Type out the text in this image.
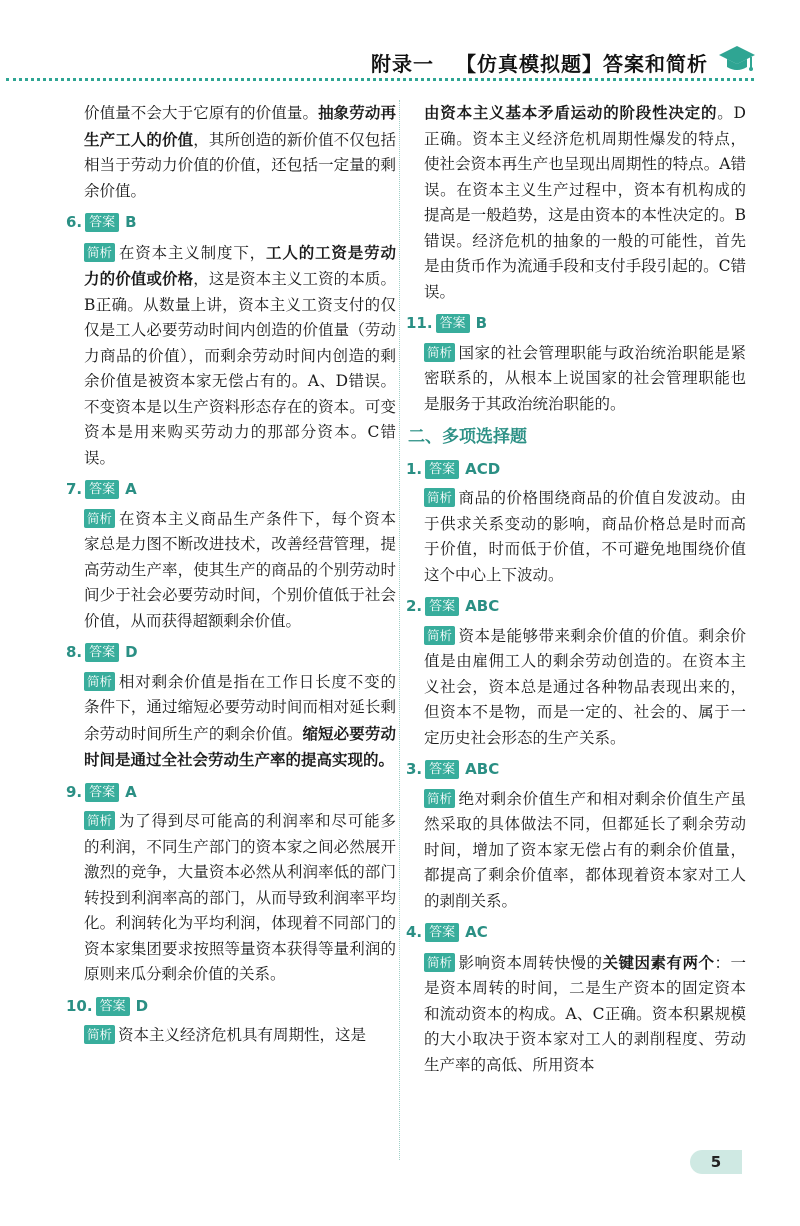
附录一 【仿真模拟题】答案和简析

价值量不会大于它原有的价值量。抽象劳动再生产工人的价值，其所创造的新价值不仅包括相当于劳动力价值的价值，还包括一定量的剩余价值。

6. 答案 B

简析 在资本主义制度下，工人的工资是劳动力的价值或价格，这是资本主义工资的本质。B正确。从数量上讲，资本主义工资支付的仅仅是工人必要劳动时间内创造的价值量（劳动力商品的价值），而剩余劳动时间内创造的剩余价值是被资本家无偿占有的。A、D错误。不变资本是以生产资料形态存在的资本。可变资本是用来购买劳动力的那部分资本。C错误。

7. 答案 A

简析 在资本主义商品生产条件下，每个资本家总是力图不断改进技术，改善经营管理，提高劳动生产率，使其生产的商品的个别劳动时间少于社会必要劳动时间，个别价值低于社会价值，从而获得超额剩余价值。

8. 答案 D

简析 相对剩余价值是指在工作日长度不变的条件下，通过缩短必要劳动时间而相对延长剩余劳动时间所生产的剩余价值。缩短必要劳动时间是通过全社会劳动生产率的提高实现的。

9. 答案 A

简析 为了得到尽可能高的利润率和尽可能多的利润，不同生产部门的资本家之间必然展开激烈的竞争，大量资本必然从利润率低的部门转投到利润率高的部门，从而导致利润率平均化。利润转化为平均利润，体现着不同部门的资本家集团要求按照等量资本获得等量利润的原则来瓜分剩余价值的关系。

10. 答案 D

简析 资本主义经济危机具有周期性，这是

由资本主义基本矛盾运动的阶段性决定的。D正确。资本主义经济危机周期性爆发的特点，使社会资本再生产也呈现出周期性的特点。A错误。在资本主义生产过程中，资本有机构成的提高是一般趋势，这是由资本的本性决定的。B错误。经济危机的抽象的一般的可能性，首先是由货币作为流通手段和支付手段引起的。C错误。

11. 答案 B

简析 国家的社会管理职能与政治统治职能是紧密联系的，从根本上说国家的社会管理职能也是服务于其政治统治职能的。

二、多项选择题
1. 答案 ACD

简析 商品的价格围绕商品的价值自发波动。由于供求关系变动的影响，商品价格总是时而高于价值，时而低于价值，不可避免地围绕价值这个中心上下波动。

2. 答案 ABC

简析 资本是能够带来剩余价值的价值。剩余价值是由雇佣工人的剩余劳动创造的。在资本主义社会，资本总是通过各种物品表现出来的，但资本不是物，而是一定的、社会的、属于一定历史社会形态的生产关系。

3. 答案 ABC

简析 绝对剩余价值生产和相对剩余价值生产虽然采取的具体做法不同，但都延长了剩余劳动时间，增加了资本家无偿占有的剩余价值量，都提高了剩余价值率，都体现着资本家对工人的剥削关系。

4. 答案 AC

简析 影响资本周转快慢的关键因素有两个：一是资本周转的时间，二是生产资本的固定资本和流动资本的构成。A、C正确。资本积累规模的大小取决于资本家对工人的剥削程度、劳动生产率的高低、所用资本

5
